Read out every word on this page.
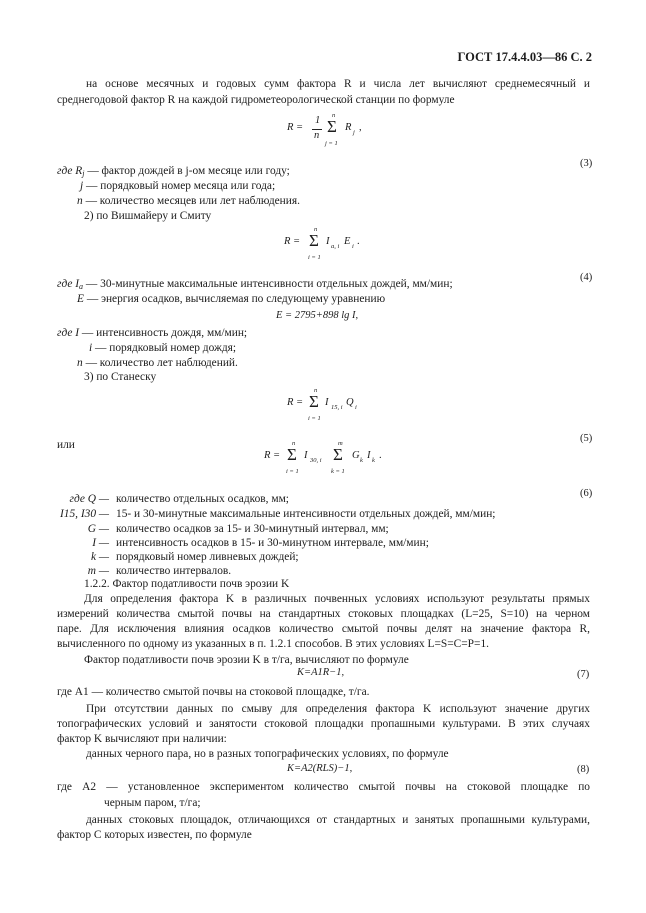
ГОСТ 17.4.4.03—86 С. 2
на основе месячных и годовых сумм фактора R и числа лет вычисляют среднемесячный и
среднегодовой фактор R на каждой гидрометеорологической станции по формуле
R =
1
n
n
Σ
j = 1
R j ,
(3)
где Rj — фактор дождей в j-ом месяце или году;
j — порядковый номер месяца или года;
n — количество месяцев или лет наблюдения.
2) по Вишмайеру и Смиту
R =
n
Σ
i = 1
I a, i E i .
(4)
где Ia — 30-минутные максимальные интенсивности отдельных дождей, мм/мин;
E — энергия осадков, вычисляемая по следующему уравнению
E = 2795+898 lg I,
где I — интенсивность дождя, мм/мин;
i — порядковый номер дождя;
n — количество лет наблюдений.
3) по Станеску
R =
n
Σ
i = 1
I 15, i Q i
или
(5)
R =
n
Σ
i = 1
I 30, i
m
Σ
k = 1
G k I k .
(6)
где Q — количество отдельных осадков, мм;
I15, I30 — 15- и 30-минутные максимальные интенсивности отдельных дождей, мм/мин;
G — количество осадков за 15- и 30-минутный интервал, мм;
I — интенсивность осадков в 15- и 30-минутном интервале, мм/мин;
k — порядковый номер ливневых дождей;
m — количество интервалов.
1.2.2. Фактор податливости почв эрозии K
Для определения фактора K в различных почвенных условиях используют результаты прямых
измерений количества смытой почвы на стандартных стоковых площадках (L=25, S=10) на черном
паре. Для исключения влияния осадков количество смытой почвы делят на значение фактора R,
вычисленного по одному из указанных в п. 1.2.1 способов. В этих условиях L=S=C=P=1.
Фактор податливости почв эрозии K в т/га, вычисляют по формуле
K=A1R−1,	(7)
где A1 — количество смытой почвы на стоковой площадке, т/га.
При отсутствии данных по смыву для определения фактора K используют значение других
топографических условий и занятости стоковой площадки пропашными культурами. В этих случаях
фактор K вычисляют при наличии:
данных черного пара, но в разных топографических условиях, по формуле
K=A2(RLS)−1,	(8)
где A2 — установленное экспериментом количество смытой почвы на стоковой площадке по
черным паром, т/га;
данных стоковых площадок, отличающихся от стандартных и занятых пропашными культурами,
фактор C которых известен, по формуле
